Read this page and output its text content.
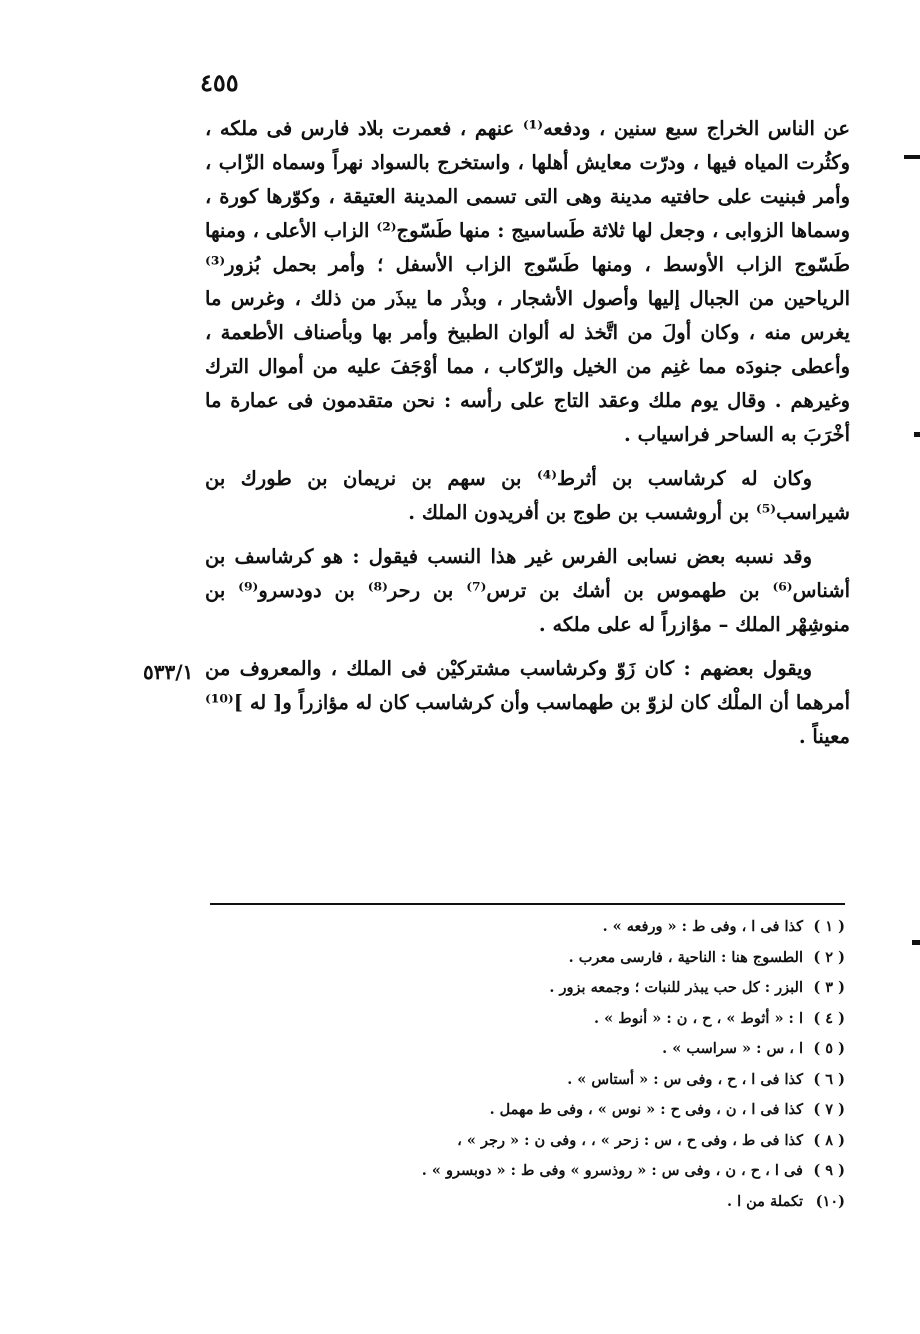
٤٥٥
٥٣٣/١

عن الناس الخراج سبع سنين ، ودفعه⁽¹⁾ عنهم ، فعمرت بلاد فارس فى ملكه ، وكثُرت المياه فيها ، ودرّت معايش أهلها ، واستخرج بالسواد نهراً وسماه الزّاب ، وأمر فبنيت على حافتيه مدينة وهى التى تسمى المدينة العتيقة ، وكوّرها كورة ، وسماها الزوابى ، وجعل لها ثلاثة طَساسيج : منها طَسّوج⁽²⁾ الزاب الأعلى ، ومنها طَسّوج الزاب الأوسط ، ومنها طَسّوج الزاب الأسفل ؛ وأمر بحمل بُزور⁽³⁾ الرياحين من الجبال إليها وأصول الأشجار ، وبذْر ما يبذَر من ذلك ، وغرس ما يغرس منه ، وكان أولَ من اتَّخذ له ألوان الطبيخ وأمر بها وبأصناف الأطعمة ، وأعطى جنودَه مما غنِم من الخيل والرّكاب ، مما أوْجَفَ عليه من أموال الترك وغيرهم . وقال يوم ملك وعقد التاج على رأسه : نحن متقدمون فى عمارة ما أخْرَبَ به الساحر فراسياب .

وكان له كرشاسب بن أثرط⁽⁴⁾ بن سهم بن نريمان بن طورك بن شيراسب⁽⁵⁾ بن أروشسب بن طوج بن أفريدون الملك .

وقد نسبه بعض نسابى الفرس غير هذا النسب فيقول : هو كرشاسف بن أشناس⁽⁶⁾ بن طهموس بن أشك بن ترس⁽⁷⁾ بن رحر⁽⁸⁾ بن دودسرو⁽⁹⁾ بن منوشِهْر الملك – مؤازراً له على ملكه .

ويقول بعضهم : كان زَوّ وكرشاسب مشتركيْن فى الملك ، والمعروف من أمرهما أن الملْك كان لزوّ بن طهماسب وأن كرشاسب كان له مؤازراً و[ له ]⁽¹⁰⁾ معيناً .

( ١ )كذا فى ا ، وفى ط : « ورفعه » .
( ٢ )الطسوج هنا : الناحية ، فارسى معرب .
( ٣ )البزر : كل حب يبذر للنبات ؛ وجمعه بزور .
( ٤ )ا : « أثوط » ، ح ، ن : « أنوط » .
( ٥ )ا ، س : « سراسب » .
( ٦ )كذا فى ا ، ح ، وفى س : « أستاس » .
( ٧ )كذا فى ا ، ن ، وفى ح : « نوس » ، وفى ط مهمل .
( ٨ )كذا فى ط ، وفى ح ، س : زحر » ، ، وفى ن : « رجر » ،
( ٩ )فى ا ، ح ، ن ، وفى س : « روذسرو » وفى ط : « دوبسرو » .
(١٠)تكملة من ا .
